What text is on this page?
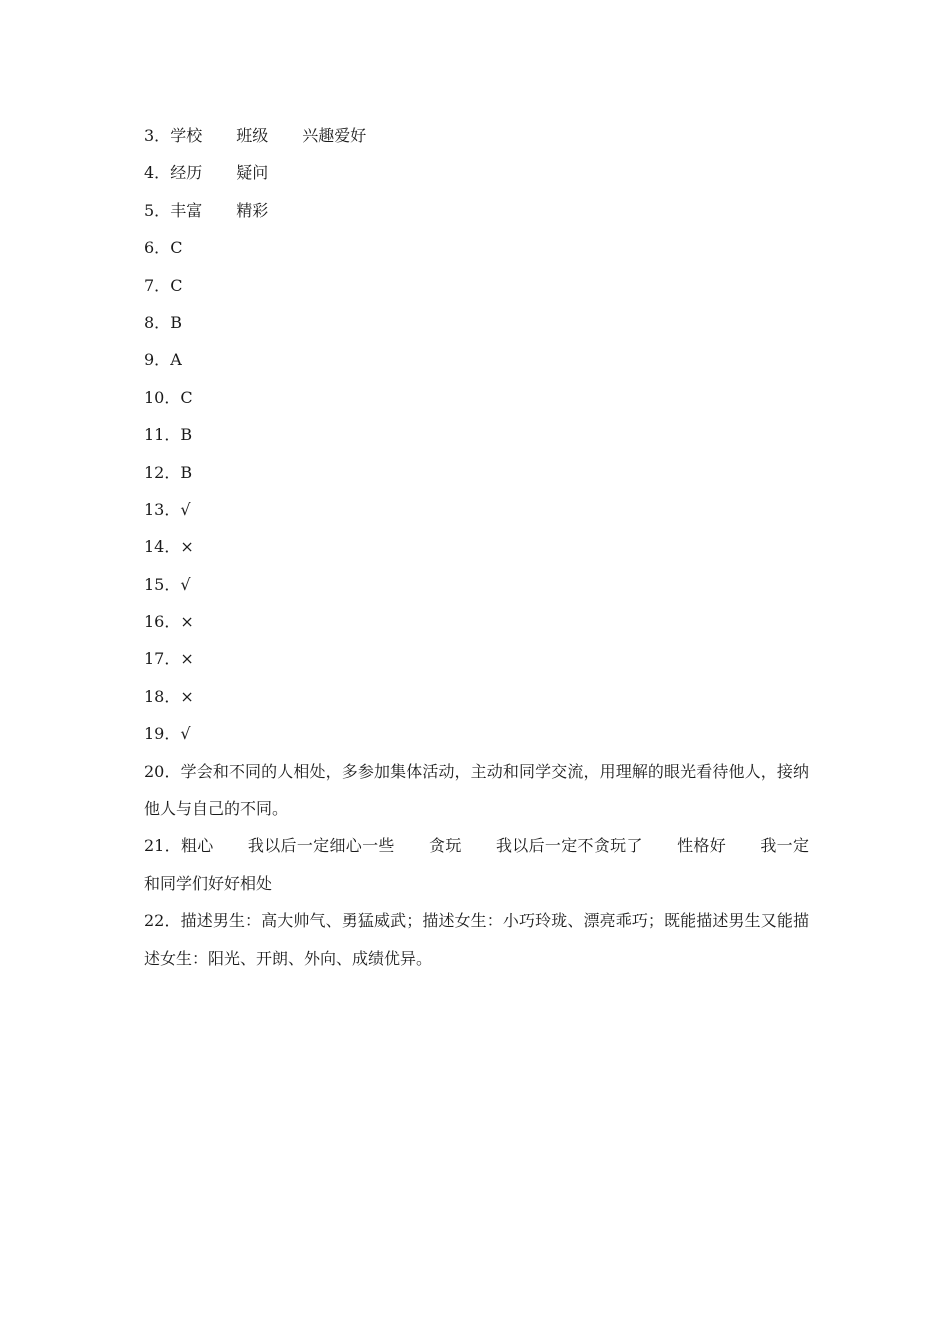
3．学校 班级 兴趣爱好
4．经历 疑问
5．丰富 精彩
6．C
7．C
8．B
9．A
10．C
11．B
12．B
13．√
14．×
15．√
16．×
17．×
18．×
19．√
20．学会和不同的人相处，多参加集体活动，主动和同学交流，用理解的眼光看待他人，接纳他人与自己的不同。
21．粗心 我以后一定细心一些 贪玩 我以后一定不贪玩了 性格好 我一定和同学们好好相处
22．描述男生：高大帅气、勇猛威武；描述女生：小巧玲珑、漂亮乖巧；既能描述男生又能描述女生：阳光、开朗、外向、成绩优异。
